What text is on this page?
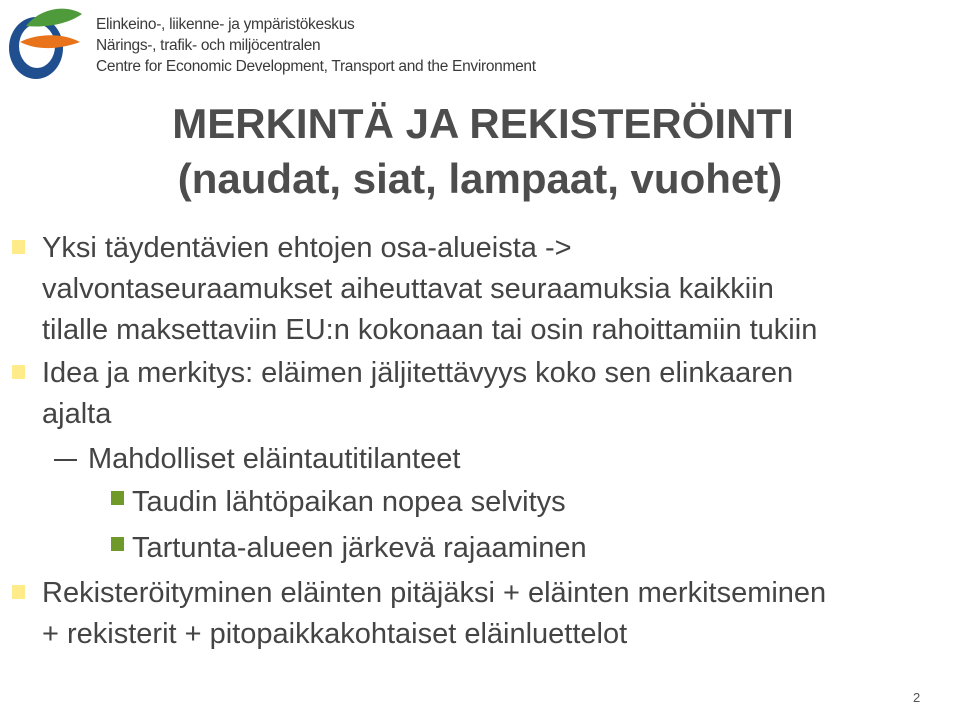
Elinkeino-, liikenne- ja ympäristökeskus
Närings-, trafik- och miljöcentralen
Centre for Economic Development, Transport and the Environment
MERKINTÄ JA REKISTERÖINTI
(naudat, siat, lampaat, vuohet)
Yksi täydentävien ehtojen osa-alueista ->
valvontaseuraamukset aiheuttavat seuraamuksia kaikkiin
tilalle maksettaviin EU:n kokonaan tai osin rahoittamiin tukiin
Idea ja merkitys: eläimen jäljitettävyys koko sen elinkaaren
ajalta
Mahdolliset eläintautitilanteet
Taudin lähtöpaikan nopea selvitys
Tartunta-alueen järkevä rajaaminen
Rekisteröityminen eläinten pitäjäksi + eläinten merkitseminen
+ rekisterit + pitopaikkakohtaiset eläinluettelot
2
